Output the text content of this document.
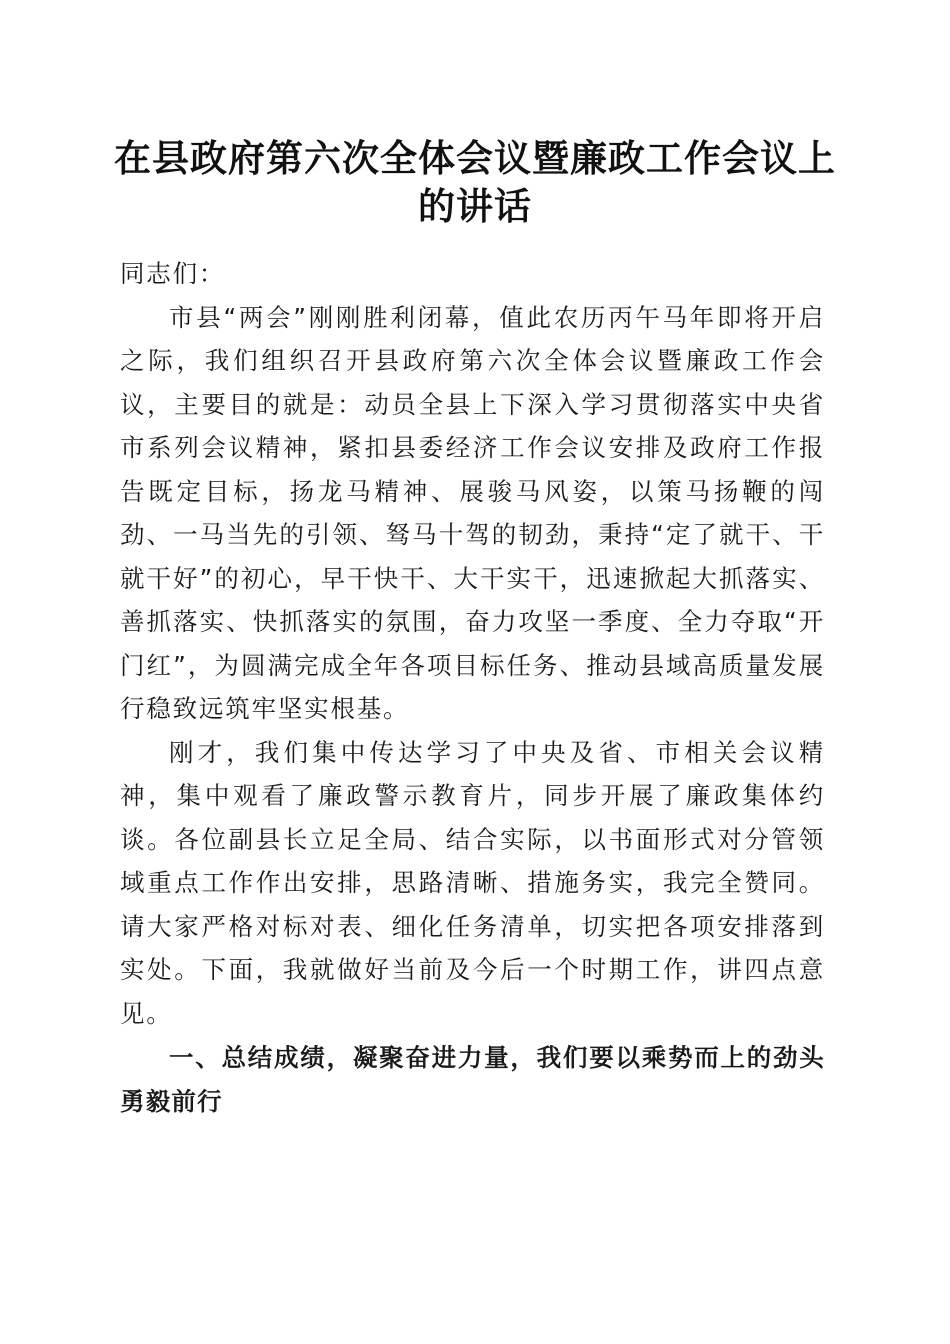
在县政府第六次全体会议暨廉政工作会议上的讲话

同志们：

市县“两会”刚刚胜利闭幕，值此农历丙午马年即将开启之际，我们组织召开县政府第六次全体会议暨廉政工作会议，主要目的就是：动员全县上下深入学习贯彻落实中央省市系列会议精神，紧扣县委经济工作会议安排及政府工作报告既定目标，扬龙马精神、展骏马风姿，以策马扬鞭的闯劲、一马当先的引领、驽马十驾的韧劲，秉持“定了就干、干就干好”的初心，早干快干、大干实干，迅速掀起大抓落实、善抓落实、快抓落实的氛围，奋力攻坚一季度、全力夺取“开门红”，为圆满完成全年各项目标任务、推动县域高质量发展行稳致远筑牢坚实根基。

刚才，我们集中传达学习了中央及省、市相关会议精神，集中观看了廉政警示教育片，同步开展了廉政集体约谈。各位副县长立足全局、结合实际，以书面形式对分管领域重点工作作出安排，思路清晰、措施务实，我完全赞同。请大家严格对标对表、细化任务清单，切实把各项安排落到实处。下面，我就做好当前及今后一个时期工作，讲四点意见。

一、总结成绩，凝聚奋进力量，我们要以乘势而上的劲头勇毅前行
